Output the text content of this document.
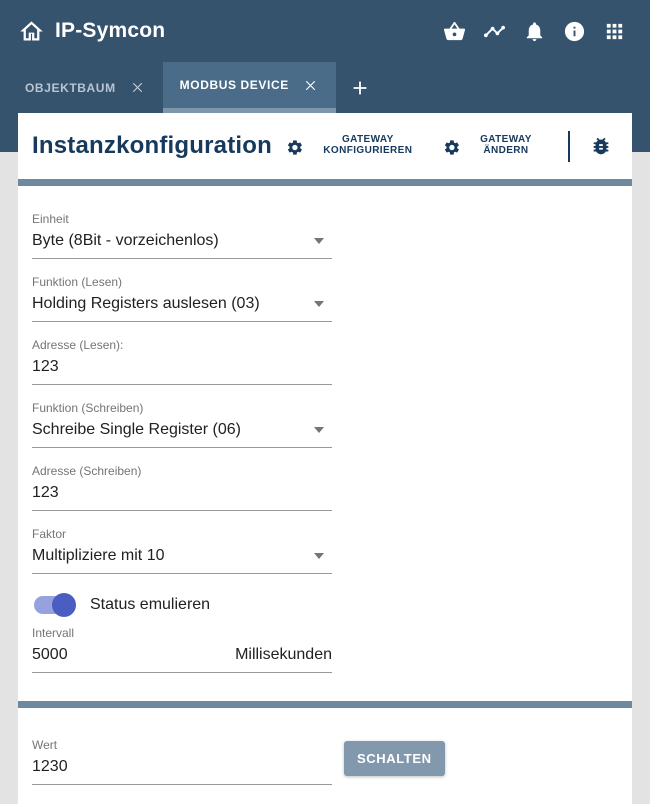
IP-Symcon
OBJEKTBAUM	MODBUS DEVICE
Instanzkonfiguration	GATEWAY KONFIGURIEREN
GATEWAY ÄNDERN
Einheit
Byte (8Bit - vorzeichenlos)
Funktion (Lesen)
Holding Registers auslesen (03)
Adresse (Lesen):
123
Funktion (Schreiben)
Schreibe Single Register (06)
Adresse (Schreiben)
123
Faktor
Multipliziere mit 10
Status emulieren
Intervall
5000
Millisekunden
Wert
1230
SCHALTEN
